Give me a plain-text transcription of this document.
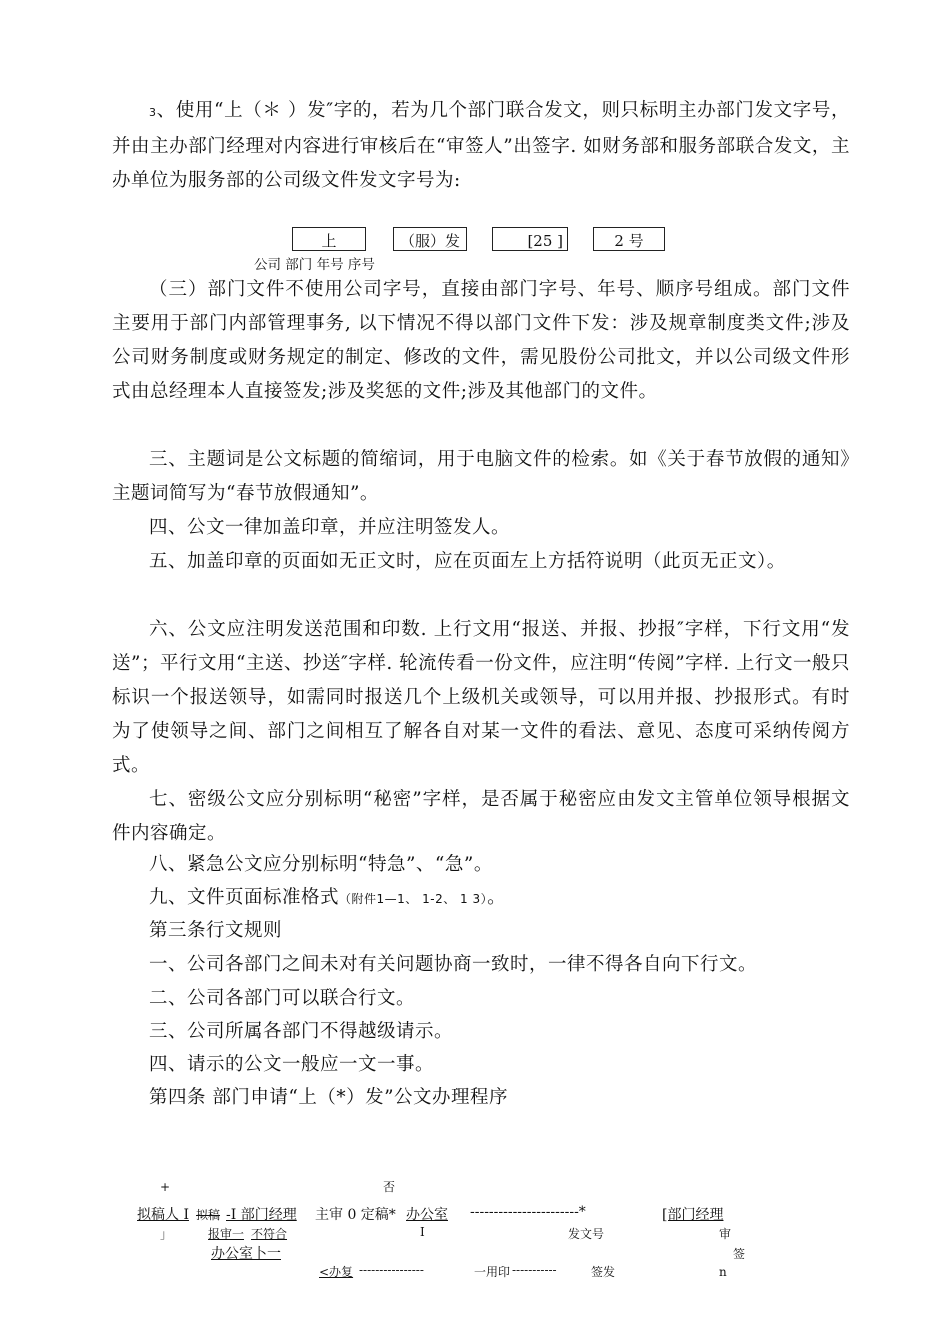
3、使用“上（＊ ）发″字的，若为几个部门联合发文，则只标明主办部门发文字号，并由主办部门经理对内容进行审核后在“审签人”出签字. 如财务部和服务部联合发文，主办单位为服务部的公司级文件发文字号为:

上	（服）发	[25 ]	2 号
公司 部门 年号 序号

（三）部门文件不使用公司字号，直接由部门字号、年号、顺序号组成。部门文件主要用于部门内部管理事务, 以下情况不得以部门文件下发：涉及规章制度类文件;涉及公司财务制度或财务规定的制定、修改的文件，需见股份公司批文，并以公司级文件形式由总经理本人直接签发;涉及奖惩的文件;涉及其他部门的文件。

三、主题词是公文标题的简缩词，用于电脑文件的检索。如《关于春节放假的通知》主题词简写为“春节放假通知”。

四、公文一律加盖印章，并应注明签发人。

五、加盖印章的页面如无正文时，应在页面左上方括符说明（此页无正文）。

六、公文应注明发送范围和印数. 上行文用“报送、并报、抄报″字样，下行文用“发送”；平行文用“主送、抄送″字样. 轮流传看一份文件，应注明“传阅”字样. 上行文一般只标识一个报送领导，如需同时报送几个上级机关或领导，可以用并报、抄报形式。有时为了使领导之间、部门之间相互了解各自对某一文件的看法、意见、态度可采纳传阅方式。

七、密级公文应分别标明“秘密”字样，是否属于秘密应由发文主管单位领导根据文件内容确定。

八、紧急公文应分别标明“特急”、“急”。

九、文件页面标准格式（附件1—1、 1-2、 1 3）。

第三条行文规则

一、公司各部门之间未对有关问题协商一致时，一律不得各自向下行文。

二、公司各部门可以联合行文。

三、公司所属各部门不得越级请示。

四、请示的公文一般应一文一事。

第四条 部门申请“上（*）发”公文办理程序

+	否
拟稿人 I 拟稿 -I 部门经理 主审 0 定稿* 办公室 -----------------------*	[部门经理
」	报审一 不符合	I	发文号	审
办公室卜一	签
<办复 ----------------	一用印 -----------	签发	n
